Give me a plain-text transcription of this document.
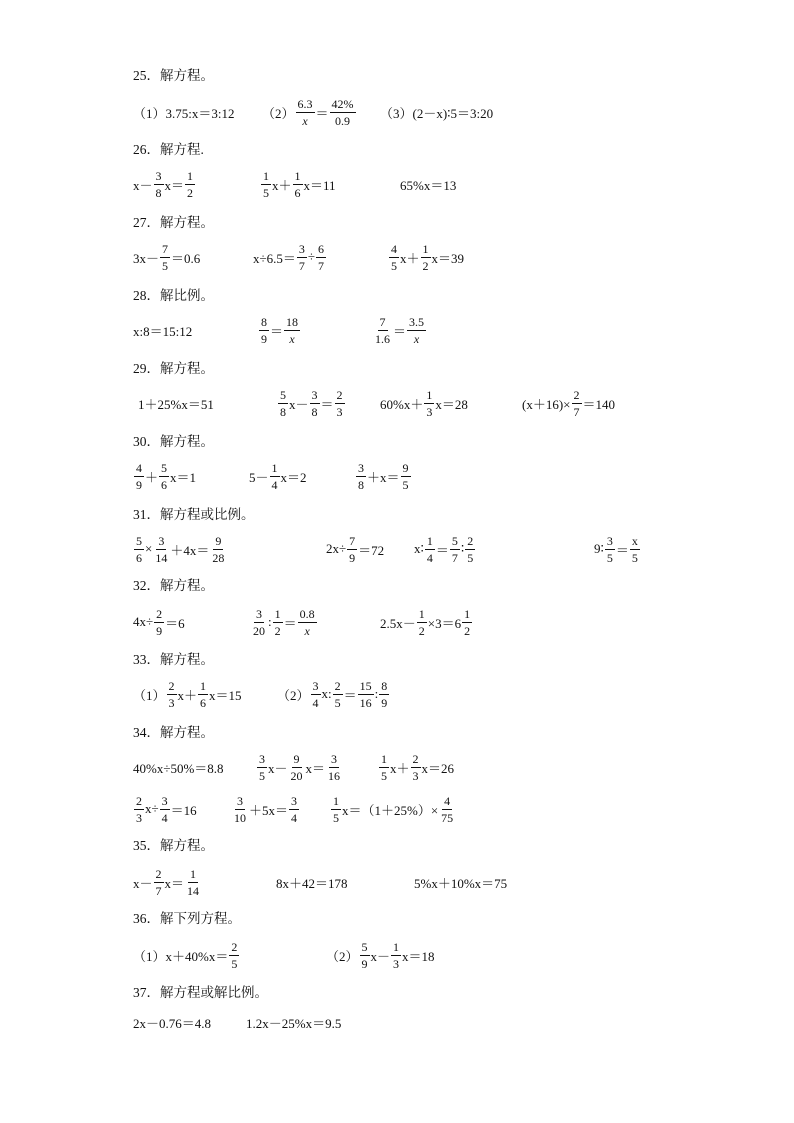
25．解方程。
（1）3.75:x＝3:12 $(2) \frac{6.3}{x} = \frac{42\%}{0.9}$ （3）(2－x)∶5＝3:20
26．解方程.
$x- \frac{3}{8} x= \frac{1}{2}$	$\frac{1}{5} x+ \frac{1}{6} x=11$	65%x＝13
27．解方程。
$3x- \frac{7}{5} =0.6$	$x\div 6.5= \frac{3}{7} \div \frac{6}{7}$	$\frac{4}{5} x+ \frac{1}{2} x=39$
28．解比例。
x:8＝15:12	$\frac{8}{9} = \frac{18}{x}$	$\frac{7}{1.6} = \frac{3.5}{x}$
29．解方程。
1＋25%x＝51	$\frac{5}{8} x- \frac{3}{8} = \frac{2}{3}$	$60\%x+ \frac{1}{3} x=28$	$(x+16)\times \frac{2}{7} =140$
30．解方程。
$\frac{4}{9} + \frac{5}{6} x=1$	$5- \frac{1}{4} x=2$	$\frac{3}{8} +x= \frac{9}{5}$
31．解方程或比例。
$\frac{5}{6} \times \frac{3}{14} +4x= \frac{9}{28}$	$2x\div \frac{7}{9} =72$ x∶ $\frac{1}{4} = \frac{5}{7}$ ∶ $\frac{2}{5}$	9∶ $\frac{3}{5} = \frac{x}{5}$
32．解方程。
$4x\div \frac{2}{9} =6$	$\frac{3}{20}$ : $\frac{1}{2} = \frac{0.8}{x}$	$2.5x- \frac{1}{2} \times 3=6 \frac{1}{2}$
33．解方程。
$(1) \frac{2}{3} x+ \frac{1}{6} x=15$	$(2) \frac{3}{4} x$: $\frac{2}{5} = \frac{15}{16}$ : $\frac{8}{9}$
34．解方程。
40%x÷50%＝8.8	$\frac{3}{5} x- \frac{9}{20} x= \frac{3}{16}$	$\frac{1}{5} x+ \frac{2}{3} x=26$
$\frac{2}{3} x\div \frac{3}{4} =16$	$\frac{3}{10} +5x= \frac{3}{4}$	$\frac{1}{5} x=(1+25\%)\times \frac{4}{75}$
35．解方程。
$x- \frac{2}{7} x= \frac{1}{14}$	8x＋42＝178	5%x＋10%x＝75
36．解下列方程。
$(1)x+40\%x= \frac{2}{5}$	$(2) \frac{5}{9} x- \frac{1}{3} x=18$
37．解方程或解比例。
2x－0.76＝4.8	1.2x－25%x＝9.5
